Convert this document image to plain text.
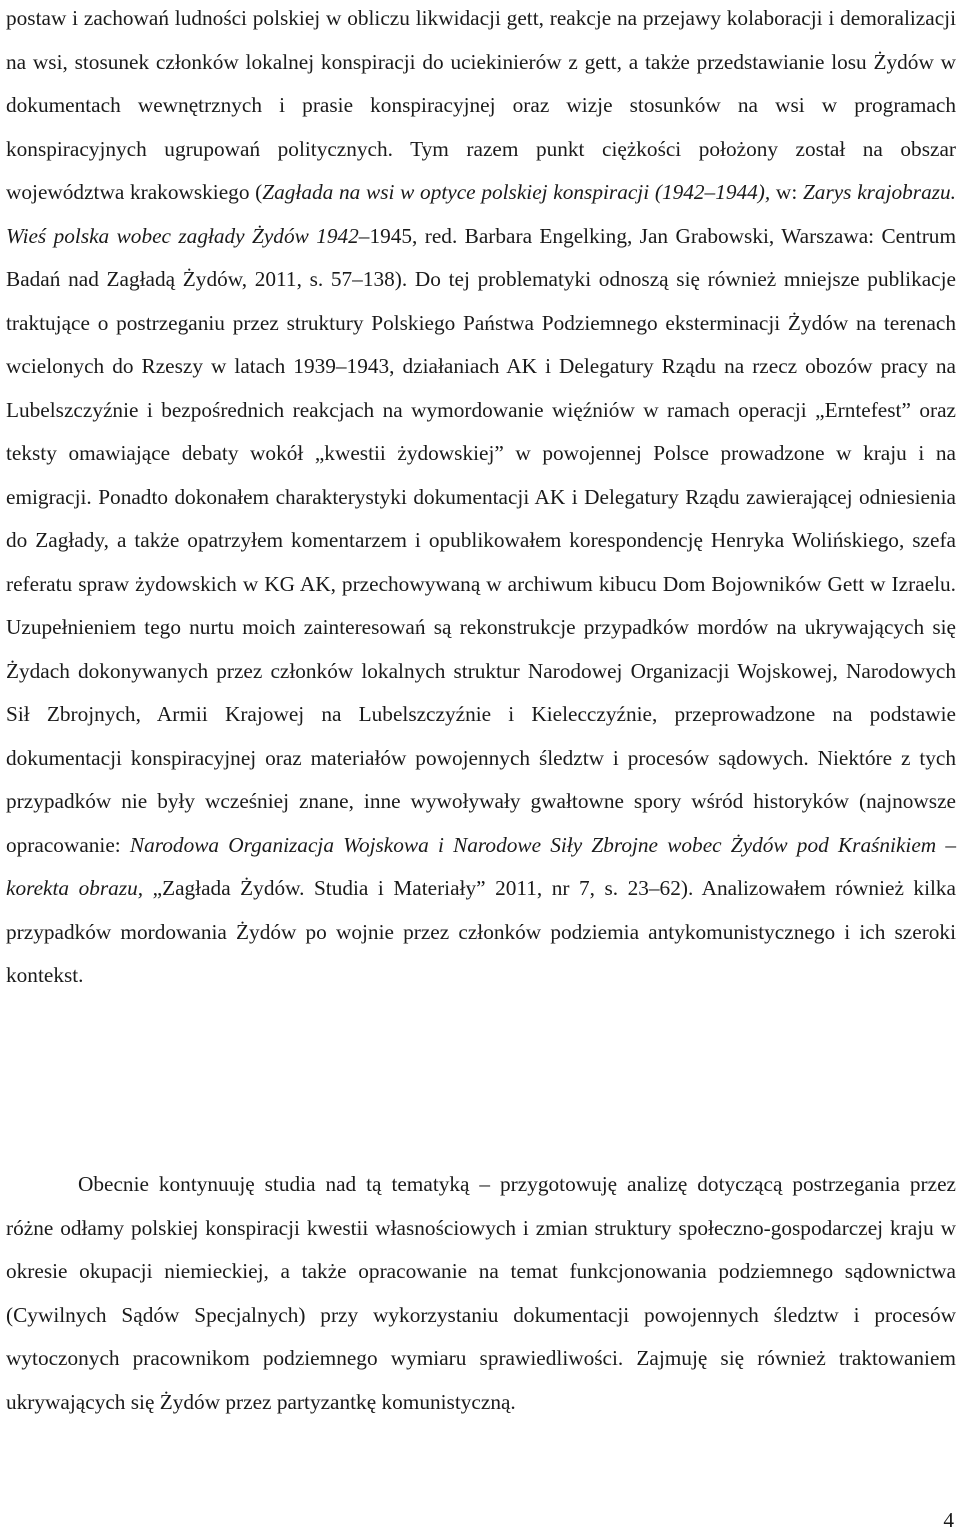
postaw i zachowań ludności polskiej w obliczu likwidacji gett, reakcje na przejawy kolaboracji i demoralizacji na wsi, stosunek członków lokalnej konspiracji do uciekinierów z gett, a także przedstawianie losu Żydów w dokumentach wewnętrznych i prasie konspiracyjnej oraz wizje stosunków na wsi w programach konspiracyjnych ugrupowań politycznych. Tym razem punkt ciężkości położony został na obszar województwa krakowskiego (Zagłada na wsi w optyce polskiej konspiracji (1942–1944), w: Zarys krajobrazu. Wieś polska wobec zagłady Żydów 1942–1945, red. Barbara Engelking, Jan Grabowski, Warszawa: Centrum Badań nad Zagładą Żydów, 2011, s. 57–138). Do tej problematyki odnoszą się również mniejsze publikacje traktujące o postrzeganiu przez struktury Polskiego Państwa Podziemnego eksterminacji Żydów na terenach wcielonych do Rzeszy w latach 1939–1943, działaniach AK i Delegatury Rządu na rzecz obozów pracy na Lubelszczyźnie i bezpośrednich reakcjach na wymordowanie więźniów w ramach operacji „Erntefest” oraz teksty omawiające debaty wokół „kwestii żydowskiej” w powojennej Polsce prowadzone w kraju i na emigracji. Ponadto dokonałem charakterystyki dokumentacji AK i Delegatury Rządu zawierającej odniesienia do Zagłady, a także opatrzyłem komentarzem i opublikowałem korespondencję Henryka Wolińskiego, szefa referatu spraw żydowskich w KG AK, przechowywaną w archiwum kibucu Dom Bojowników Gett w Izraelu. Uzupełnieniem tego nurtu moich zainteresowań są rekonstrukcje przypadków mordów na ukrywających się Żydach dokonywanych przez członków lokalnych struktur Narodowej Organizacji Wojskowej, Narodowych Sił Zbrojnych, Armii Krajowej na Lubelszczyźnie i Kielecczyźnie, przeprowadzone na podstawie dokumentacji konspiracyjnej oraz materiałów powojennych śledztw i procesów sądowych. Niektóre z tych przypadków nie były wcześniej znane, inne wywoływały gwałtowne spory wśród historyków (najnowsze opracowanie: Narodowa Organizacja Wojskowa i Narodowe Siły Zbrojne wobec Żydów pod Kraśnikiem – korekta obrazu, „Zagłada Żydów. Studia i Materiały” 2011, nr 7, s. 23–62). Analizowałem również kilka przypadków mordowania Żydów po wojnie przez członków podziemia antykomunistycznego i ich szeroki kontekst.

Obecnie kontynuuję studia nad tą tematyką – przygotowuję analizę dotyczącą postrzegania przez różne odłamy polskiej konspiracji kwestii własnościowych i zmian struktury społeczno-gospodarczej kraju w okresie okupacji niemieckiej, a także opracowanie na temat funkcjonowania podziemnego sądownictwa (Cywilnych Sądów Specjalnych) przy wykorzystaniu dokumentacji powojennych śledztw i procesów wytoczonych pracownikom podziemnego wymiaru sprawiedliwości. Zajmuję się również traktowaniem ukrywających się Żydów przez partyzantkę komunistyczną.

4
